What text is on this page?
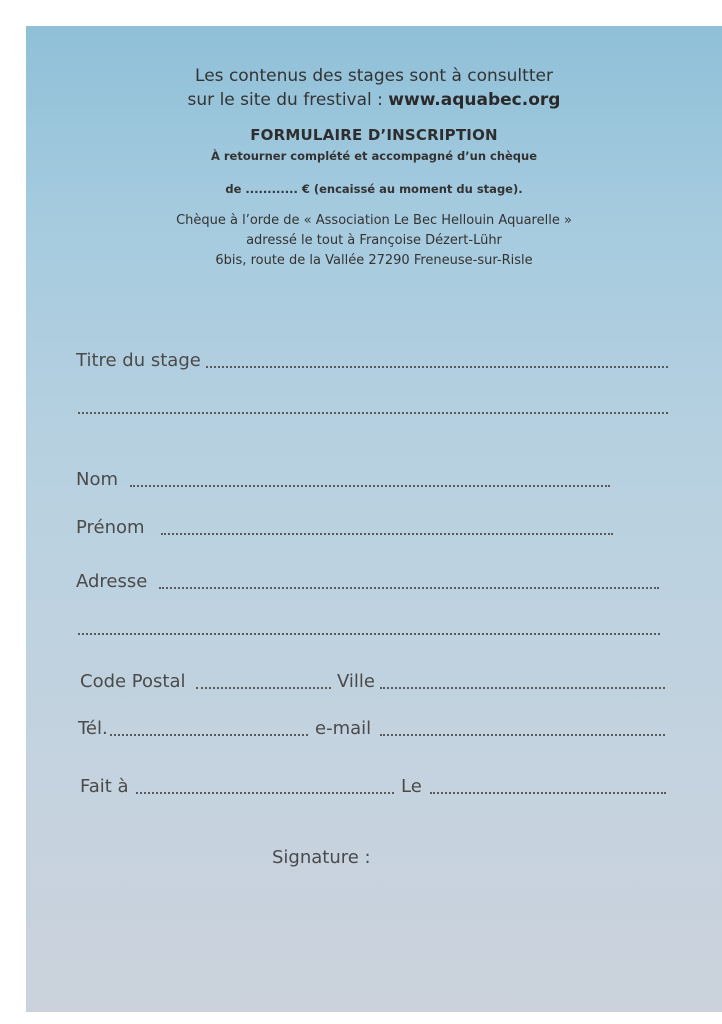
Les contenus des stages sont à consultter
sur le site du frestival : www.aquabec.org
FORMULAIRE D’INSCRIPTION
À retourner complété et accompagné d’un chèque
de ............ € (encaissé au moment du stage).
Chèque à l’orde de « Association Le Bec Hellouin Aquarelle »
adressé le tout à Françoise Dézert-Lühr
6bis, route de la Vallée 27290 Freneuse-sur-Risle
Titre du stage
Nom
Prénom
Adresse
Code Postal	Ville
Tél.	e-mail
Fait à	Le
Signature :
